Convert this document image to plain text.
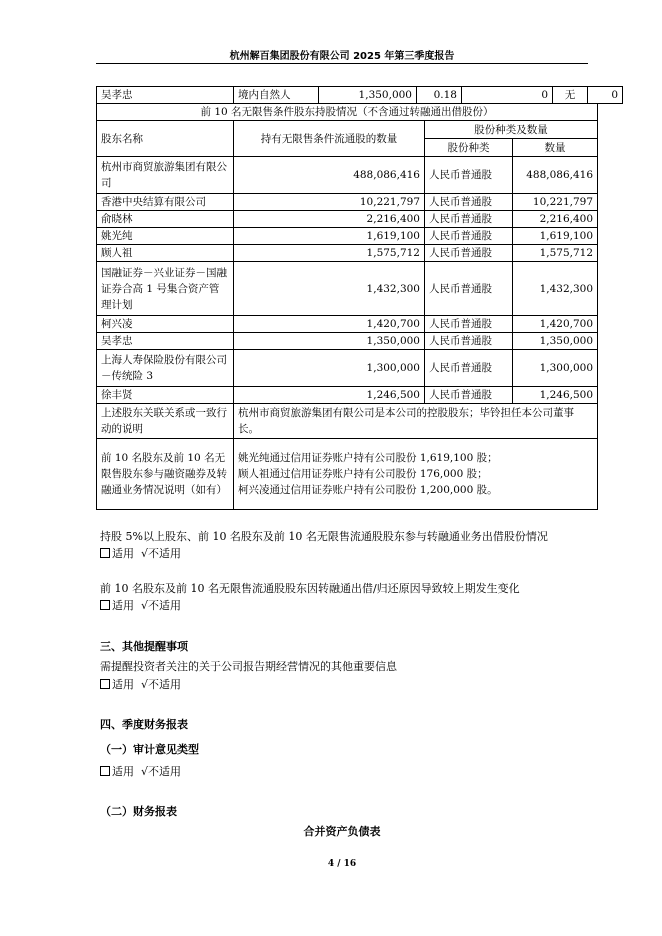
杭州解百集团股份有限公司 2025 年第三季度报告
吴孝忠	境内自然人	1,350,000	0.18	0	无	0
前 10 名无限售条件股东持股情况（不含通过转融通出借股份）			
股东名称	持有无限售条件流通股的数量	股份种类及数量	
		股份种类	数量
杭州市商贸旅游集团有限公司	488,086,416	人民币普通股	488,086,416
香港中央结算有限公司	10,221,797	人民币普通股	10,221,797
俞晓林	2,216,400	人民币普通股	2,216,400
姚光纯	1,619,100	人民币普通股	1,619,100
顾人祖	1,575,712	人民币普通股	1,575,712
国融证券－兴业证券－国融证券合高 1 号集合资产管理计划	1,432,300	人民币普通股	1,432,300
柯兴凌	1,420,700	人民币普通股	1,420,700
吴孝忠	1,350,000	人民币普通股	1,350,000
上海人寿保险股份有限公司－传统险 3	1,300,000	人民币普通股	1,300,000
徐丰贤	1,246,500	人民币普通股	1,246,500
上述股东关联关系或一致行动的说明	杭州市商贸旅游集团有限公司是本公司的控股股东；毕铃担任本公司董事长。		
前 10 名股东及前 10 名无限售股东参与融资融券及转融通业务情况说明（如有）	姚光纯通过信用证券账户持有公司股份 1,619,100 股；
顾人祖通过信用证券账户持有公司股份 176,000 股；
柯兴凌通过信用证券账户持有公司股份 1,200,000 股。		
持股 5%以上股东、前 10 名股东及前 10 名无限售流通股股东参与转融通业务出借股份情况
适用 √不适用
前 10 名股东及前 10 名无限售流通股股东因转融通出借/归还原因导致较上期发生变化
适用 √不适用
三、其他提醒事项
需提醒投资者关注的关于公司报告期经营情况的其他重要信息
适用 √不适用
四、季度财务报表
（一）审计意见类型
适用 √不适用
（二）财务报表
合并资产负债表
4 / 16
